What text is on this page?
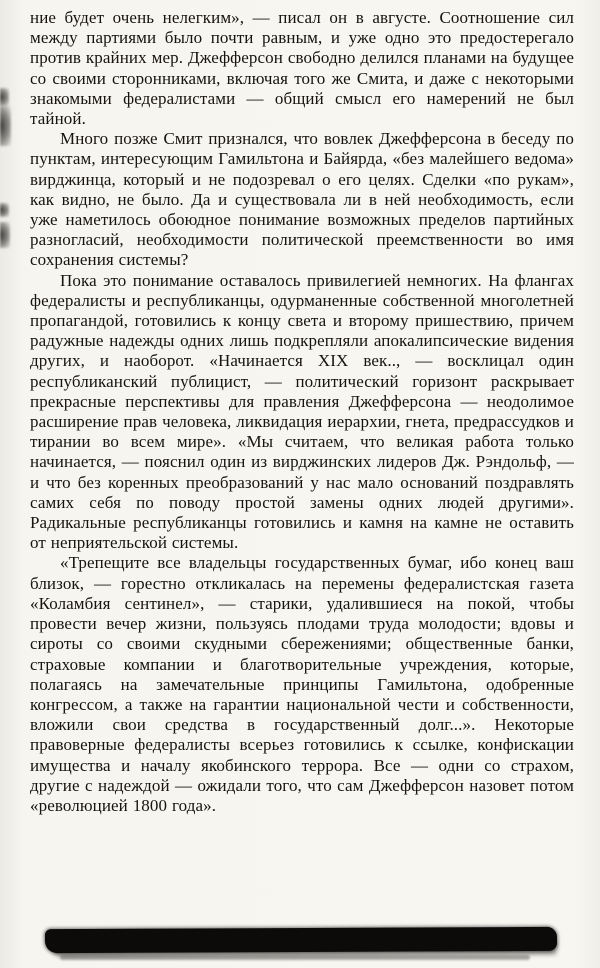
ние будет очень нелегким», — писал он в августе. Соотношение сил между партиями было почти равным, и уже одно это предостерегало против крайних мер. Джефферсон свободно делился планами на будущее со своими сторонниками, включая того же Смита, и даже с некоторыми знакомыми федералистами — общий смысл его намерений не был тайной.

Много позже Смит признался, что вовлек Джефферсона в беседу по пунктам, интересующим Гамильтона и Байярда, «без малейшего ведома» вирджинца, который и не подозревал о его целях. Сделки «по рукам», как видно, не было. Да и существовала ли в ней необходимость, если уже наметилось обоюдное понимание возможных пределов партийных разногласий, необходимости политической преемственности во имя сохранения системы?

Пока это понимание оставалось привилегией немногих. На флангах федералисты и республиканцы, одурманенные собственной многолетней пропагандой, готовились к концу света и второму пришествию, причем радужные надежды одних лишь подкрепляли апокалипсические видения других, и наоборот. «Начинается XIX век.., — восклицал один республиканский публицист, — политический горизонт раскрывает прекрасные перспективы для правления Джефферсона — неодолимое расширение прав человека, ликвидация иерархии, гнета, предрассудков и тирании во всем мире». «Мы считаем, что великая работа только начинается, — пояснил один из вирджинских лидеров Дж. Рэндольф, — и что без коренных преобразований у нас мало оснований поздравлять самих себя по поводу простой замены одних людей другими». Радикальные республиканцы готовились и камня на камне не оставить от неприятельской системы.

«Трепещите все владельцы государственных бумаг, ибо конец ваш близок, — горестно откликалась на перемены федералистская газета «Коламбия сентинел», — старики, удалившиеся на покой, чтобы провести вечер жизни, пользуясь плодами труда молодости; вдовы и сироты со своими скудными сбережениями; общественные банки, страховые компании и благотворительные учреждения, которые, полагаясь на замечательные принципы Гамильтона, одобренные конгрессом, а также на гарантии национальной чести и собственности, вложили свои средства в государственный долг...». Некоторые правоверные федералисты всерьез готовились к ссылке, конфискации имущества и началу якобинского террора. Все — одни со страхом, другие с надеждой — ожидали того, что сам Джефферсон назовет потом «революцией 1800 года».
